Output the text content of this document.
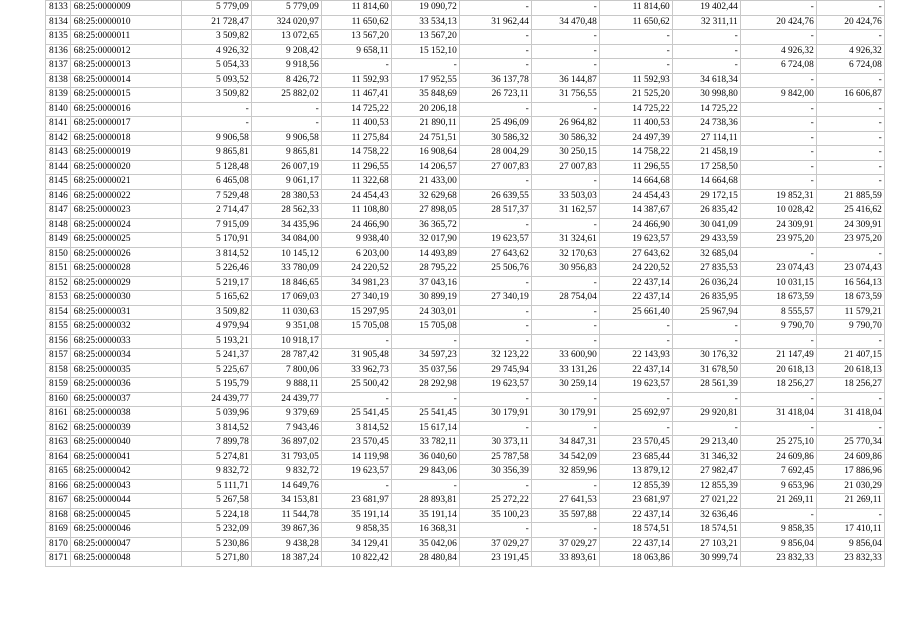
8133	68:25:0000009	5 779,09	5 779,09	11 814,60	19 090,72	-	-	11 814,60	19 402,44	-	-
8134	68:25:0000010	21 728,47	324 020,97	11 650,62	33 534,13	31 962,44	34 470,48	11 650,62	32 311,11	20 424,76	20 424,76
8135	68:25:0000011	3 509,82	13 072,65	13 567,20	13 567,20	-	-	-	-	-	-
8136	68:25:0000012	4 926,32	9 208,42	9 658,11	15 152,10	-	-	-	-	4 926,32	4 926,32
8137	68:25:0000013	5 054,33	9 918,56	-	-	-	-	-	-	6 724,08	6 724,08
8138	68:25:0000014	5 093,52	8 426,72	11 592,93	17 952,55	36 137,78	36 144,87	11 592,93	34 618,34	-	-
8139	68:25:0000015	3 509,82	25 882,02	11 467,41	35 848,69	26 723,11	31 756,55	21 525,20	30 998,80	9 842,00	16 606,87
8140	68:25:0000016	-	-	14 725,22	20 206,18	-	-	14 725,22	14 725,22	-	-
8141	68:25:0000017	-	-	11 400,53	21 890,11	25 496,09	26 964,82	11 400,53	24 738,36	-	-
8142	68:25:0000018	9 906,58	9 906,58	11 275,84	24 751,51	30 586,32	30 586,32	24 497,39	27 114,11	-	-
8143	68:25:0000019	9 865,81	9 865,81	14 758,22	16 908,64	28 004,29	30 250,15	14 758,22	21 458,19	-	-
8144	68:25:0000020	5 128,48	26 007,19	11 296,55	14 206,57	27 007,83	27 007,83	11 296,55	17 258,50	-	-
8145	68:25:0000021	6 465,08	9 061,17	11 322,68	21 433,00	-	-	14 664,68	14 664,68	-	-
8146	68:25:0000022	7 529,48	28 380,53	24 454,43	32 629,68	26 639,55	33 503,03	24 454,43	29 172,15	19 852,31	21 885,59
8147	68:25:0000023	2 714,47	28 562,33	11 108,80	27 898,05	28 517,37	31 162,57	14 387,67	26 835,42	10 028,42	25 416,62
8148	68:25:0000024	7 915,09	34 435,96	24 466,90	36 365,72	-	-	24 466,90	30 041,09	24 309,91	24 309,91
8149	68:25:0000025	5 170,91	34 084,00	9 938,40	32 017,90	19 623,57	31 324,61	19 623,57	29 433,59	23 975,20	23 975,20
8150	68:25:0000026	3 814,52	10 145,12	6 203,00	14 493,89	27 643,62	32 170,63	27 643,62	32 685,04	-	-
8151	68:25:0000028	5 226,46	33 780,09	24 220,52	28 795,22	25 506,76	30 956,83	24 220,52	27 835,53	23 074,43	23 074,43
8152	68:25:0000029	5 219,17	18 846,65	34 981,23	37 043,16	-	-	22 437,14	26 036,24	10 031,15	16 564,13
8153	68:25:0000030	5 165,62	17 069,03	27 340,19	30 899,19	27 340,19	28 754,04	22 437,14	26 835,95	18 673,59	18 673,59
8154	68:25:0000031	3 509,82	11 030,63	15 297,95	24 303,01	-	-	25 661,40	25 967,94	8 555,57	11 579,21
8155	68:25:0000032	4 979,94	9 351,08	15 705,08	15 705,08	-	-	-	-	9 790,70	9 790,70
8156	68:25:0000033	5 193,21	10 918,17	-	-	-	-	-	-	-	-
8157	68:25:0000034	5 241,37	28 787,42	31 905,48	34 597,23	32 123,22	33 600,90	22 143,93	30 176,32	21 147,49	21 407,15
8158	68:25:0000035	5 225,67	7 800,06	33 962,73	35 037,56	29 745,94	33 131,26	22 437,14	31 678,50	20 618,13	20 618,13
8159	68:25:0000036	5 195,79	9 888,11	25 500,42	28 292,98	19 623,57	30 259,14	19 623,57	28 561,39	18 256,27	18 256,27
8160	68:25:0000037	24 439,77	24 439,77	-	-	-	-	-	-	-	-
8161	68:25:0000038	5 039,96	9 379,69	25 541,45	25 541,45	30 179,91	30 179,91	25 692,97	29 920,81	31 418,04	31 418,04
8162	68:25:0000039	3 814,52	7 943,46	3 814,52	15 617,14	-	-	-	-	-	-
8163	68:25:0000040	7 899,78	36 897,02	23 570,45	33 782,11	30 373,11	34 847,31	23 570,45	29 213,40	25 275,10	25 770,34
8164	68:25:0000041	5 274,81	31 793,05	14 119,98	36 040,60	25 787,58	34 542,09	23 685,44	31 346,32	24 609,86	24 609,86
8165	68:25:0000042	9 832,72	9 832,72	19 623,57	29 843,06	30 356,39	32 859,96	13 879,12	27 982,47	7 692,45	17 886,96
8166	68:25:0000043	5 111,71	14 649,76	-	-	-	-	12 855,39	12 855,39	9 653,96	21 030,29
8167	68:25:0000044	5 267,58	34 153,81	23 681,97	28 893,81	25 272,22	27 641,53	23 681,97	27 021,22	21 269,11	21 269,11
8168	68:25:0000045	5 224,18	11 544,78	35 191,14	35 191,14	35 100,23	35 597,88	22 437,14	32 636,46	-	-
8169	68:25:0000046	5 232,09	39 867,36	9 858,35	16 368,31	-	-	18 574,51	18 574,51	9 858,35	17 410,11
8170	68:25:0000047	5 230,86	9 438,28	34 129,41	35 042,06	37 029,27	37 029,27	22 437,14	27 103,21	9 856,04	9 856,04
8171	68:25:0000048	5 271,80	18 387,24	10 822,42	28 480,84	23 191,45	33 893,61	18 063,86	30 999,74	23 832,33	23 832,33
